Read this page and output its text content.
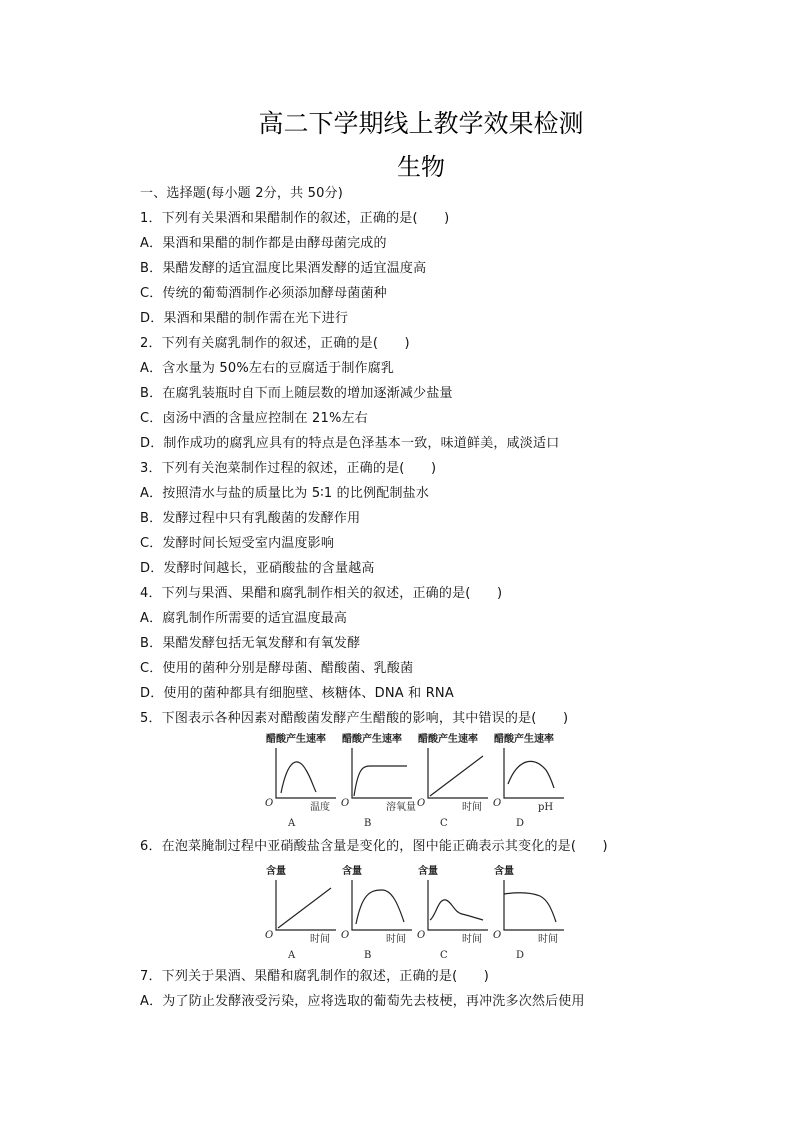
高二下学期线上教学效果检测
生物
一、选择题(每小题 2分，共 50分)
1．下列有关果酒和果醋制作的叙述，正确的是(　　)
A．果酒和果醋的制作都是由酵母菌完成的
B．果醋发酵的适宜温度比果酒发酵的适宜温度高
C．传统的葡萄酒制作必须添加酵母菌菌种
D．果酒和果醋的制作需在光下进行
2．下列有关腐乳制作的叙述，正确的是(　　)
A．含水量为 50%左右的豆腐适于制作腐乳
B．在腐乳装瓶时自下而上随层数的增加逐渐减少盐量
C．卤汤中酒的含量应控制在 21%左右
D．制作成功的腐乳应具有的特点是色泽基本一致，味道鲜美，咸淡适口
3．下列有关泡菜制作过程的叙述，正确的是(　　)
A．按照清水与盐的质量比为 5∶1 的比例配制盐水
B．发酵过程中只有乳酸菌的发酵作用
C．发酵时间长短受室内温度影响
D．发酵时间越长，亚硝酸盐的含量越高
4．下列与果酒、果醋和腐乳制作相关的叙述，正确的是(　　)
A．腐乳制作所需要的适宜温度最高
B．果醋发酵包括无氧发酵和有氧发酵
C．使用的菌种分别是酵母菌、醋酸菌、乳酸菌
D．使用的菌种都具有细胞壁、核糖体、DNA 和 RNA
5．下图表示各种因素对醋酸菌发酵产生醋酸的影响，其中错误的是(　　)
醋酸产生速率
O	温度
A
醋酸产生速率
O	溶氧量
B
醋酸产生速率
O	时间
C
醋酸产生速率
O	pH
D
6．在泡菜腌制过程中亚硝酸盐含量是变化的，图中能正确表示其变化的是(　　)
含量
O	时间
A
含量
O	时间
B
含量
O	时间
C
含量
O	时间
D
7．下列关于果酒、果醋和腐乳制作的叙述，正确的是(　　)
A．为了防止发酵液受污染，应将选取的葡萄先去枝梗，再冲洗多次然后使用
